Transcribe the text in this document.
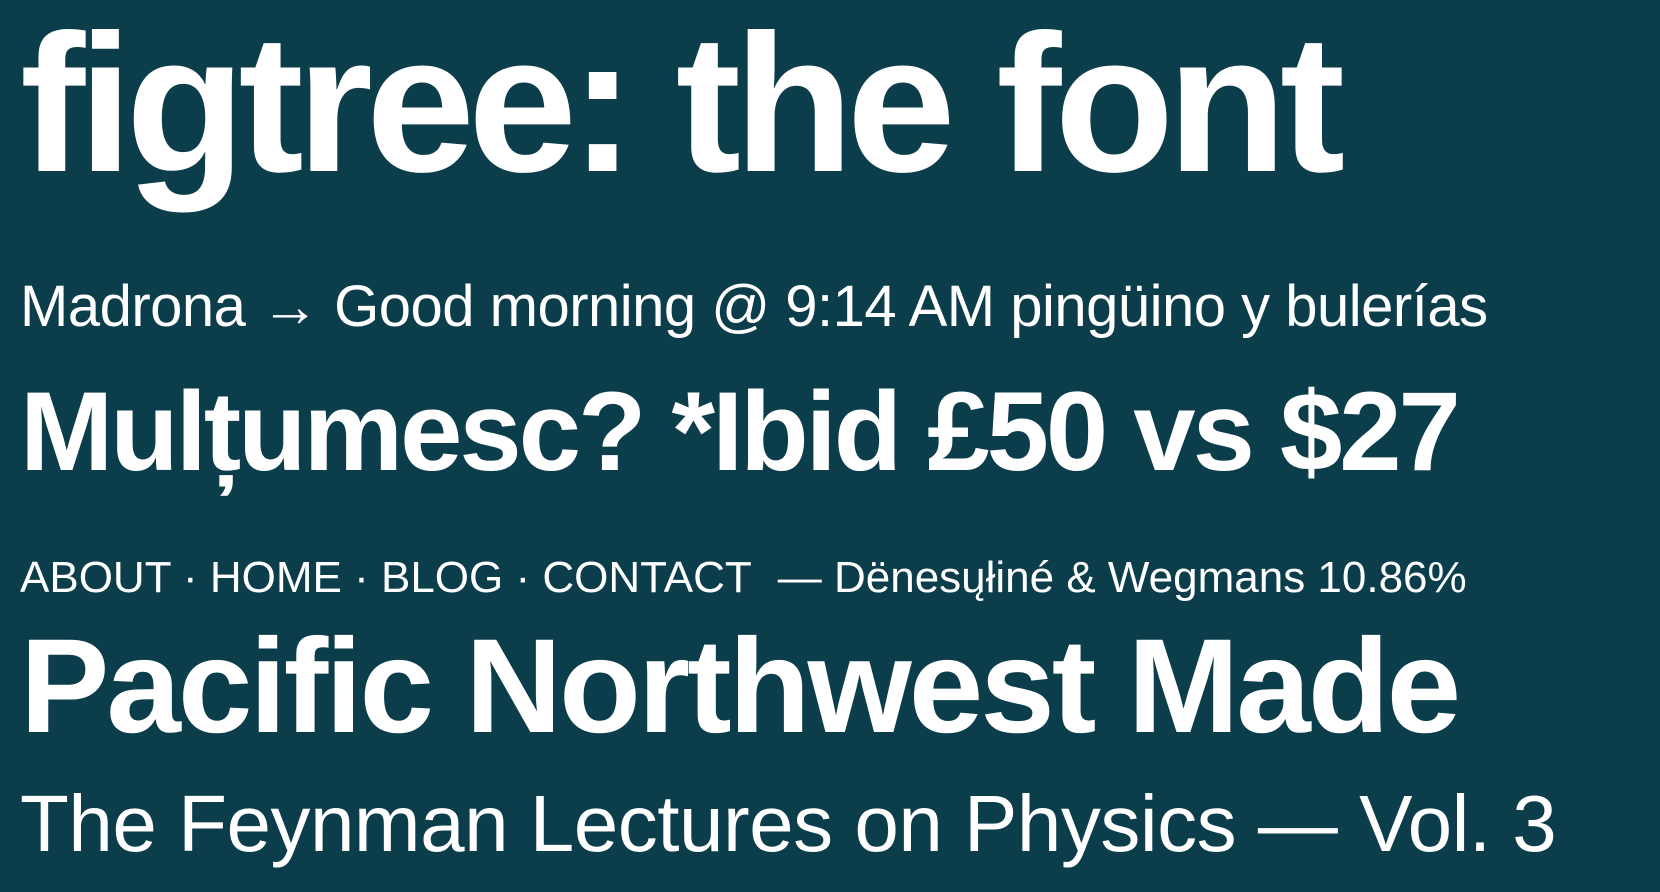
figtree: the font

Madrona → Good morning @ 9:14 AM pingüino y bulerías

Mulțumesc? *Ibid £50 vs $27

ABOUT · HOME · BLOG · CONTACT — Dënesųłiné & Wegmans 10.86%

Pacific Northwest Made

The Feynman Lectures on Physics — Vol. 3
